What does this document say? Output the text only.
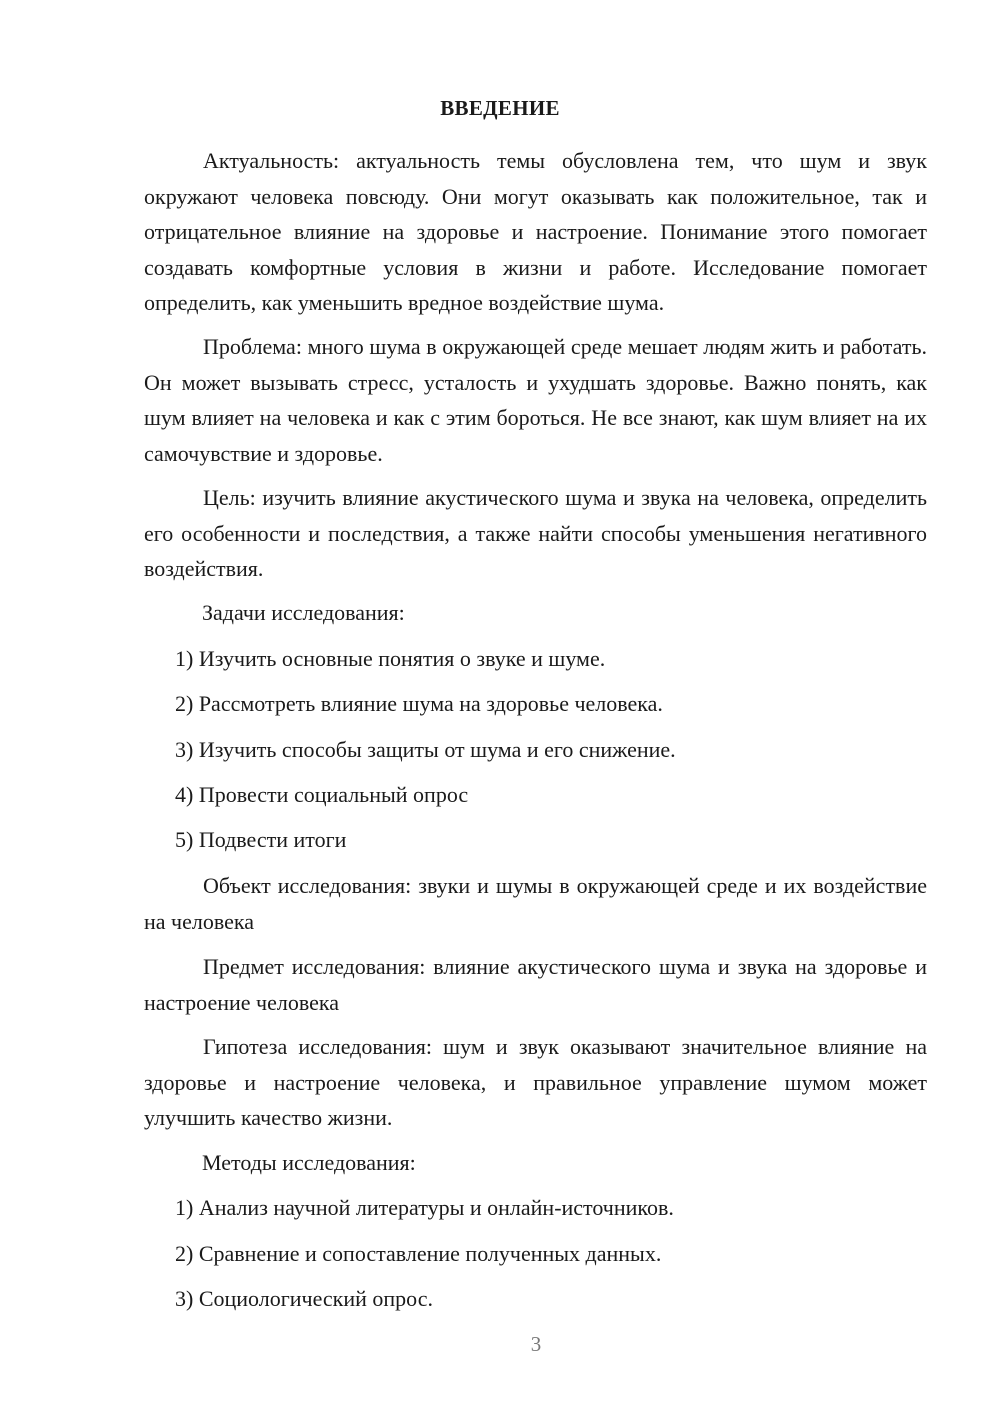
ВВЕДЕНИЕ

Актуальность: актуальность темы обусловлена тем, что шум и звук окружают человека повсюду. Они могут оказывать как положительное, так и отрицательное влияние на здоровье и настроение. Понимание этого помогает создавать комфортные условия в жизни и работе. Исследование помогает определить, как уменьшить вредное воздействие шума.

Проблема: много шума в окружающей среде мешает людям жить и работать. Он может вызывать стресс, усталость и ухудшать здоровье. Важно понять, как шум влияет на человека и как с этим бороться. Не все знают, как шум влияет на их самочувствие и здоровье.

Цель: изучить влияние акустического шума и звука на человека, определить его особенности и последствия, а также найти способы уменьшения негативного воздействия.

Задачи исследования:

1) Изучить основные понятия о звуке и шуме.

2) Рассмотреть влияние шума на здоровье человека.

3) Изучить способы защиты от шума и его снижение.

4) Провести социальный опрос

5) Подвести итоги

Объект исследования: звуки и шумы в окружающей среде и их воздействие на человека

Предмет исследования: влияние акустического шума и звука на здоровье и настроение человека

Гипотеза исследования: шум и звук оказывают значительное влияние на здоровье и настроение человека, и правильное управление шумом может улучшить качество жизни.

Методы исследования:

1) Анализ научной литературы и онлайн-источников.

2) Сравнение и сопоставление полученных данных.

3) Социологический опрос.

3
